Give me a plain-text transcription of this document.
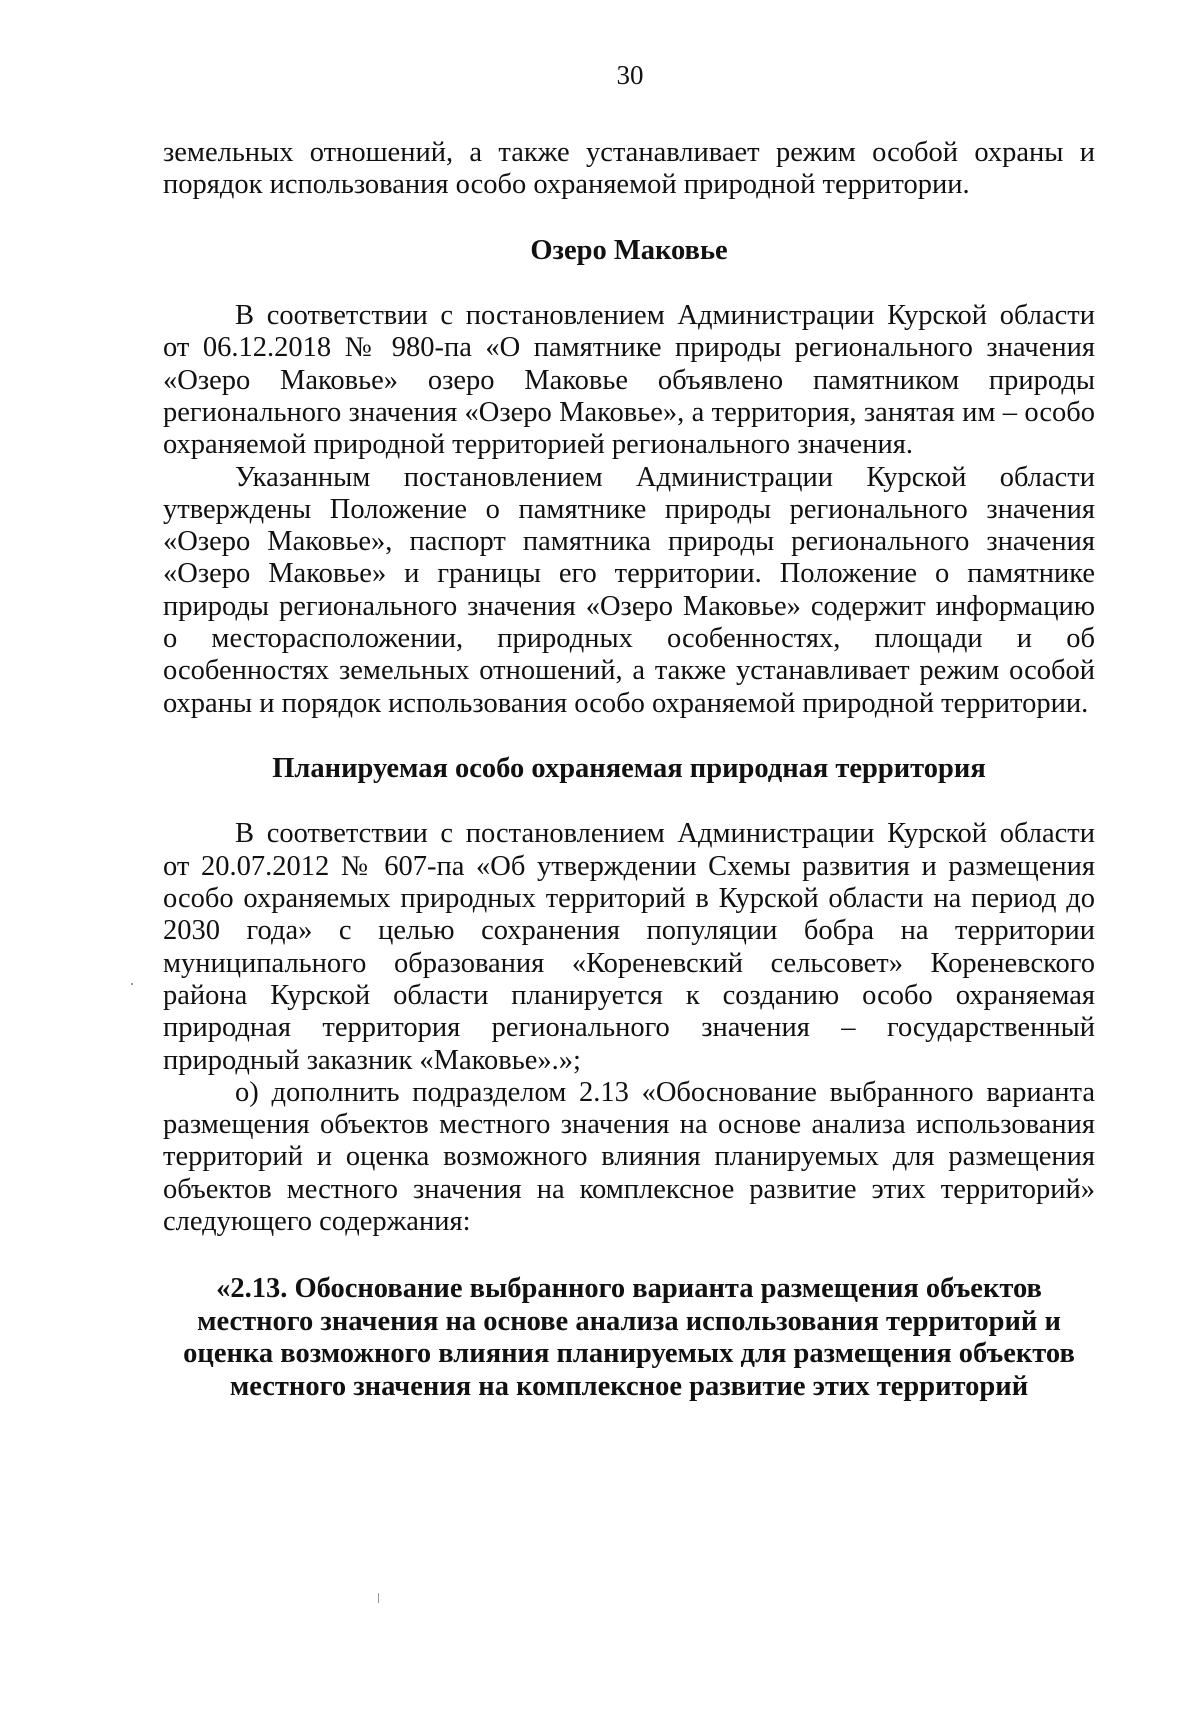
30

земельных отношений, а также устанавливает режим особой охраны и порядок использования особо охраняемой природной территории.

Озеро Маковье

В соответствии с постановлением Администрации Курской области от 06.12.2018 № 980-па «О памятнике природы регионального значения «Озеро Маковье» озеро Маковье объявлено памятником природы регионального значения «Озеро Маковье», а территория, занятая им – особо охраняемой природной территорией регионального значения.

Указанным постановлением Администрации Курской области утверждены Положение о памятнике природы регионального значения «Озеро Маковье», паспорт памятника природы регионального значения «Озеро Маковье» и границы его территории. Положение о памятнике природы регионального значения «Озеро Маковье» содержит информацию о месторасположении, природных особенностях, площади и об особенностях земельных отношений, а также устанавливает режим особой охраны и порядок использования особо охраняемой природной территории.

Планируемая особо охраняемая природная территория

В соответствии с постановлением Администрации Курской области от 20.07.2012 № 607-па «Об утверждении Схемы развития и размещения особо охраняемых природных территорий в Курской области на период до 2030 года» с целью сохранения популяции бобра на территории муниципального образования «Кореневский сельсовет» Кореневского района Курской области планируется к созданию особо охраняемая природная территория регионального значения – государственный природный заказник «Маковье».»;

о) дополнить подразделом 2.13 «Обоснование выбранного варианта размещения объектов местного значения на основе анализа использования территорий и оценка возможного влияния планируемых для размещения объектов местного значения на комплексное развитие этих территорий» следующего содержания:

«2.13. Обоснование выбранного варианта размещения объектов местного значения на основе анализа использования территорий и оценка возможного влияния планируемых для размещения объектов местного значения на комплексное развитие этих территорий
